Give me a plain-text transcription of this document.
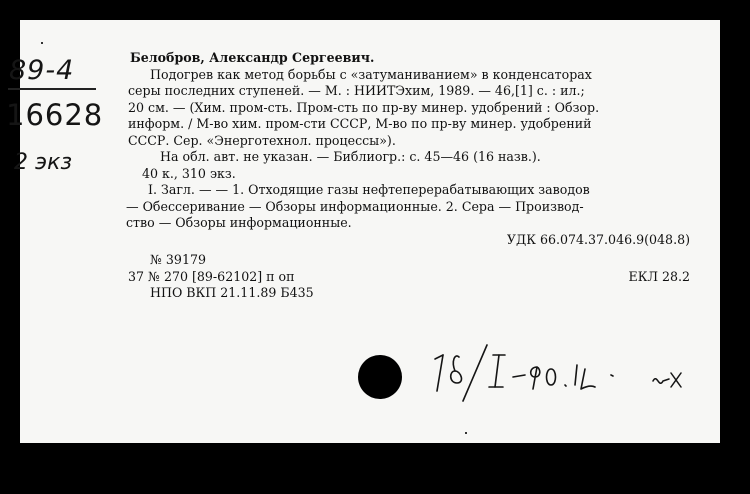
89-4
16628
2 экз
Белобров, Александр Сергеевич.
Подогрев как метод борьбы с «затуманиванием» в конденсаторах
серы последних ступеней. — М. : НИИТЭхим, 1989. — 46,[1] с. : ил.;
20 см. — (Хим. пром-сть. Пром-сть по пр-ву минер. удобрений : Обзор.
информ. / М-во хим. пром-сти СССР, М-во по пр-ву минер. удобрений
СССР. Сер. «Энерготехнол. процессы»).
На обл. авт. не указан. — Библиогр.: с. 45—46 (16 назв.).
40 к., 310 экз.
I. Загл. — — 1. Отходящие газы нефтеперерабатывающих заводов
— Обессеривание — Обзоры информационные. 2. Сера — Производ-
ство — Обзоры информационные.
УДК 66.074.37.046.9(048.8)
№ 39179
37 № 270 [89-62102] п оп	ЕКЛ 28.2
НПО ВКП 21.11.89 Б435
